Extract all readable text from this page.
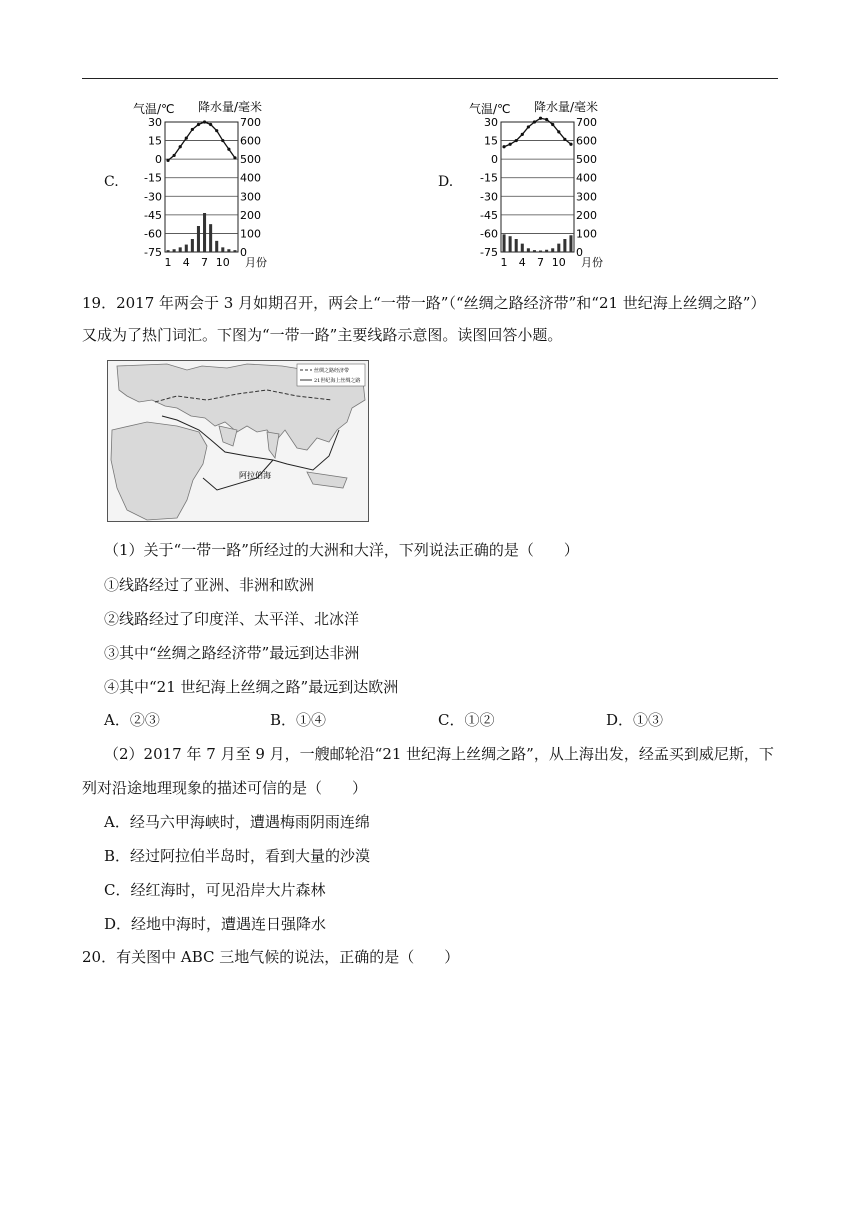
C.
气温/℃ 降水量/毫米
30
15
0
-15
-30
-45
-60
-75
700
600
500
400
300
200
100
0
1 4 7 10 月份
D.
气温/℃ 降水量/毫米
30
15
0
-15
-30
-45
-60
-75
700
600
500
400
300
200
100
0
1 4 7 10 月份
19．2017 年两会于 3 月如期召开，两会上“一带一路”（“丝绸之路经济带”和“21 世纪海上丝绸之路”）
又成为了热门词汇。下图为“一带一路”主要线路示意图。读图回答小题。
丝绸之路经济带
21世纪海上丝绸之路
阿拉伯海
（1）关于“一带一路”所经过的大洲和大洋，下列说法正确的是（　　）
①线路经过了亚洲、非洲和欧洲
②线路经过了印度洋、太平洋、北冰洋
③其中“丝绸之路经济带”最远到达非洲
④其中“21 世纪海上丝绸之路”最远到达欧洲
A．②③	B．①④	C．①②	D．①③
（2）2017 年 7 月至 9 月，一艘邮轮沿“21 世纪海上丝绸之路”，从上海出发，经孟买到威尼斯，下
列对沿途地理现象的描述可信的是（　　）
A．经马六甲海峡时，遭遇梅雨阴雨连绵
B．经过阿拉伯半岛时，看到大量的沙漠
C．经红海时，可见沿岸大片森林
D．经地中海时，遭遇连日强降水
20．有关图中 ABC 三地气候的说法，正确的是（　　）
